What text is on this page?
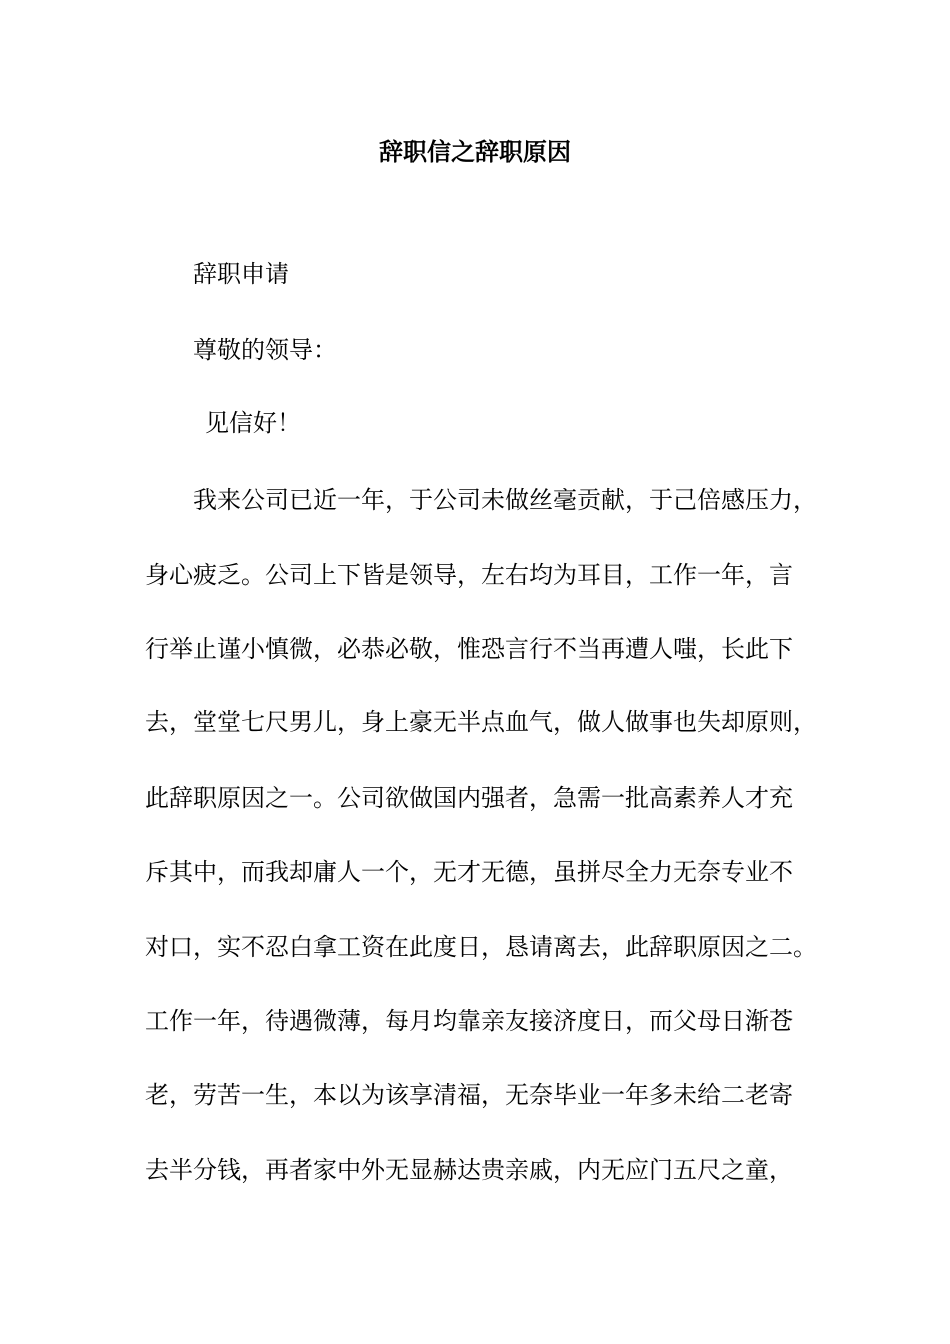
辞职信之辞职原因

辞职申请

尊敬的领导：

见信好！

我来公司已近一年，于公司未做丝毫贡献，于己倍感压力，

身心疲乏。公司上下皆是领导，左右均为耳目，工作一年，言

行举止谨小慎微，必恭必敬，惟恐言行不当再遭人嗤，长此下

去，堂堂七尺男儿，身上豪无半点血气，做人做事也失却原则，

此辞职原因之一。公司欲做国内强者，急需一批高素养人才充

斥其中，而我却庸人一个，无才无德，虽拼尽全力无奈专业不

对口，实不忍白拿工资在此度日，恳请离去，此辞职原因之二。

工作一年，待遇微薄，每月均靠亲友接济度日，而父母日渐苍

老，劳苦一生，本以为该享清福，无奈毕业一年多未给二老寄

去半分钱，再者家中外无显赫达贵亲戚，内无应门五尺之童，
